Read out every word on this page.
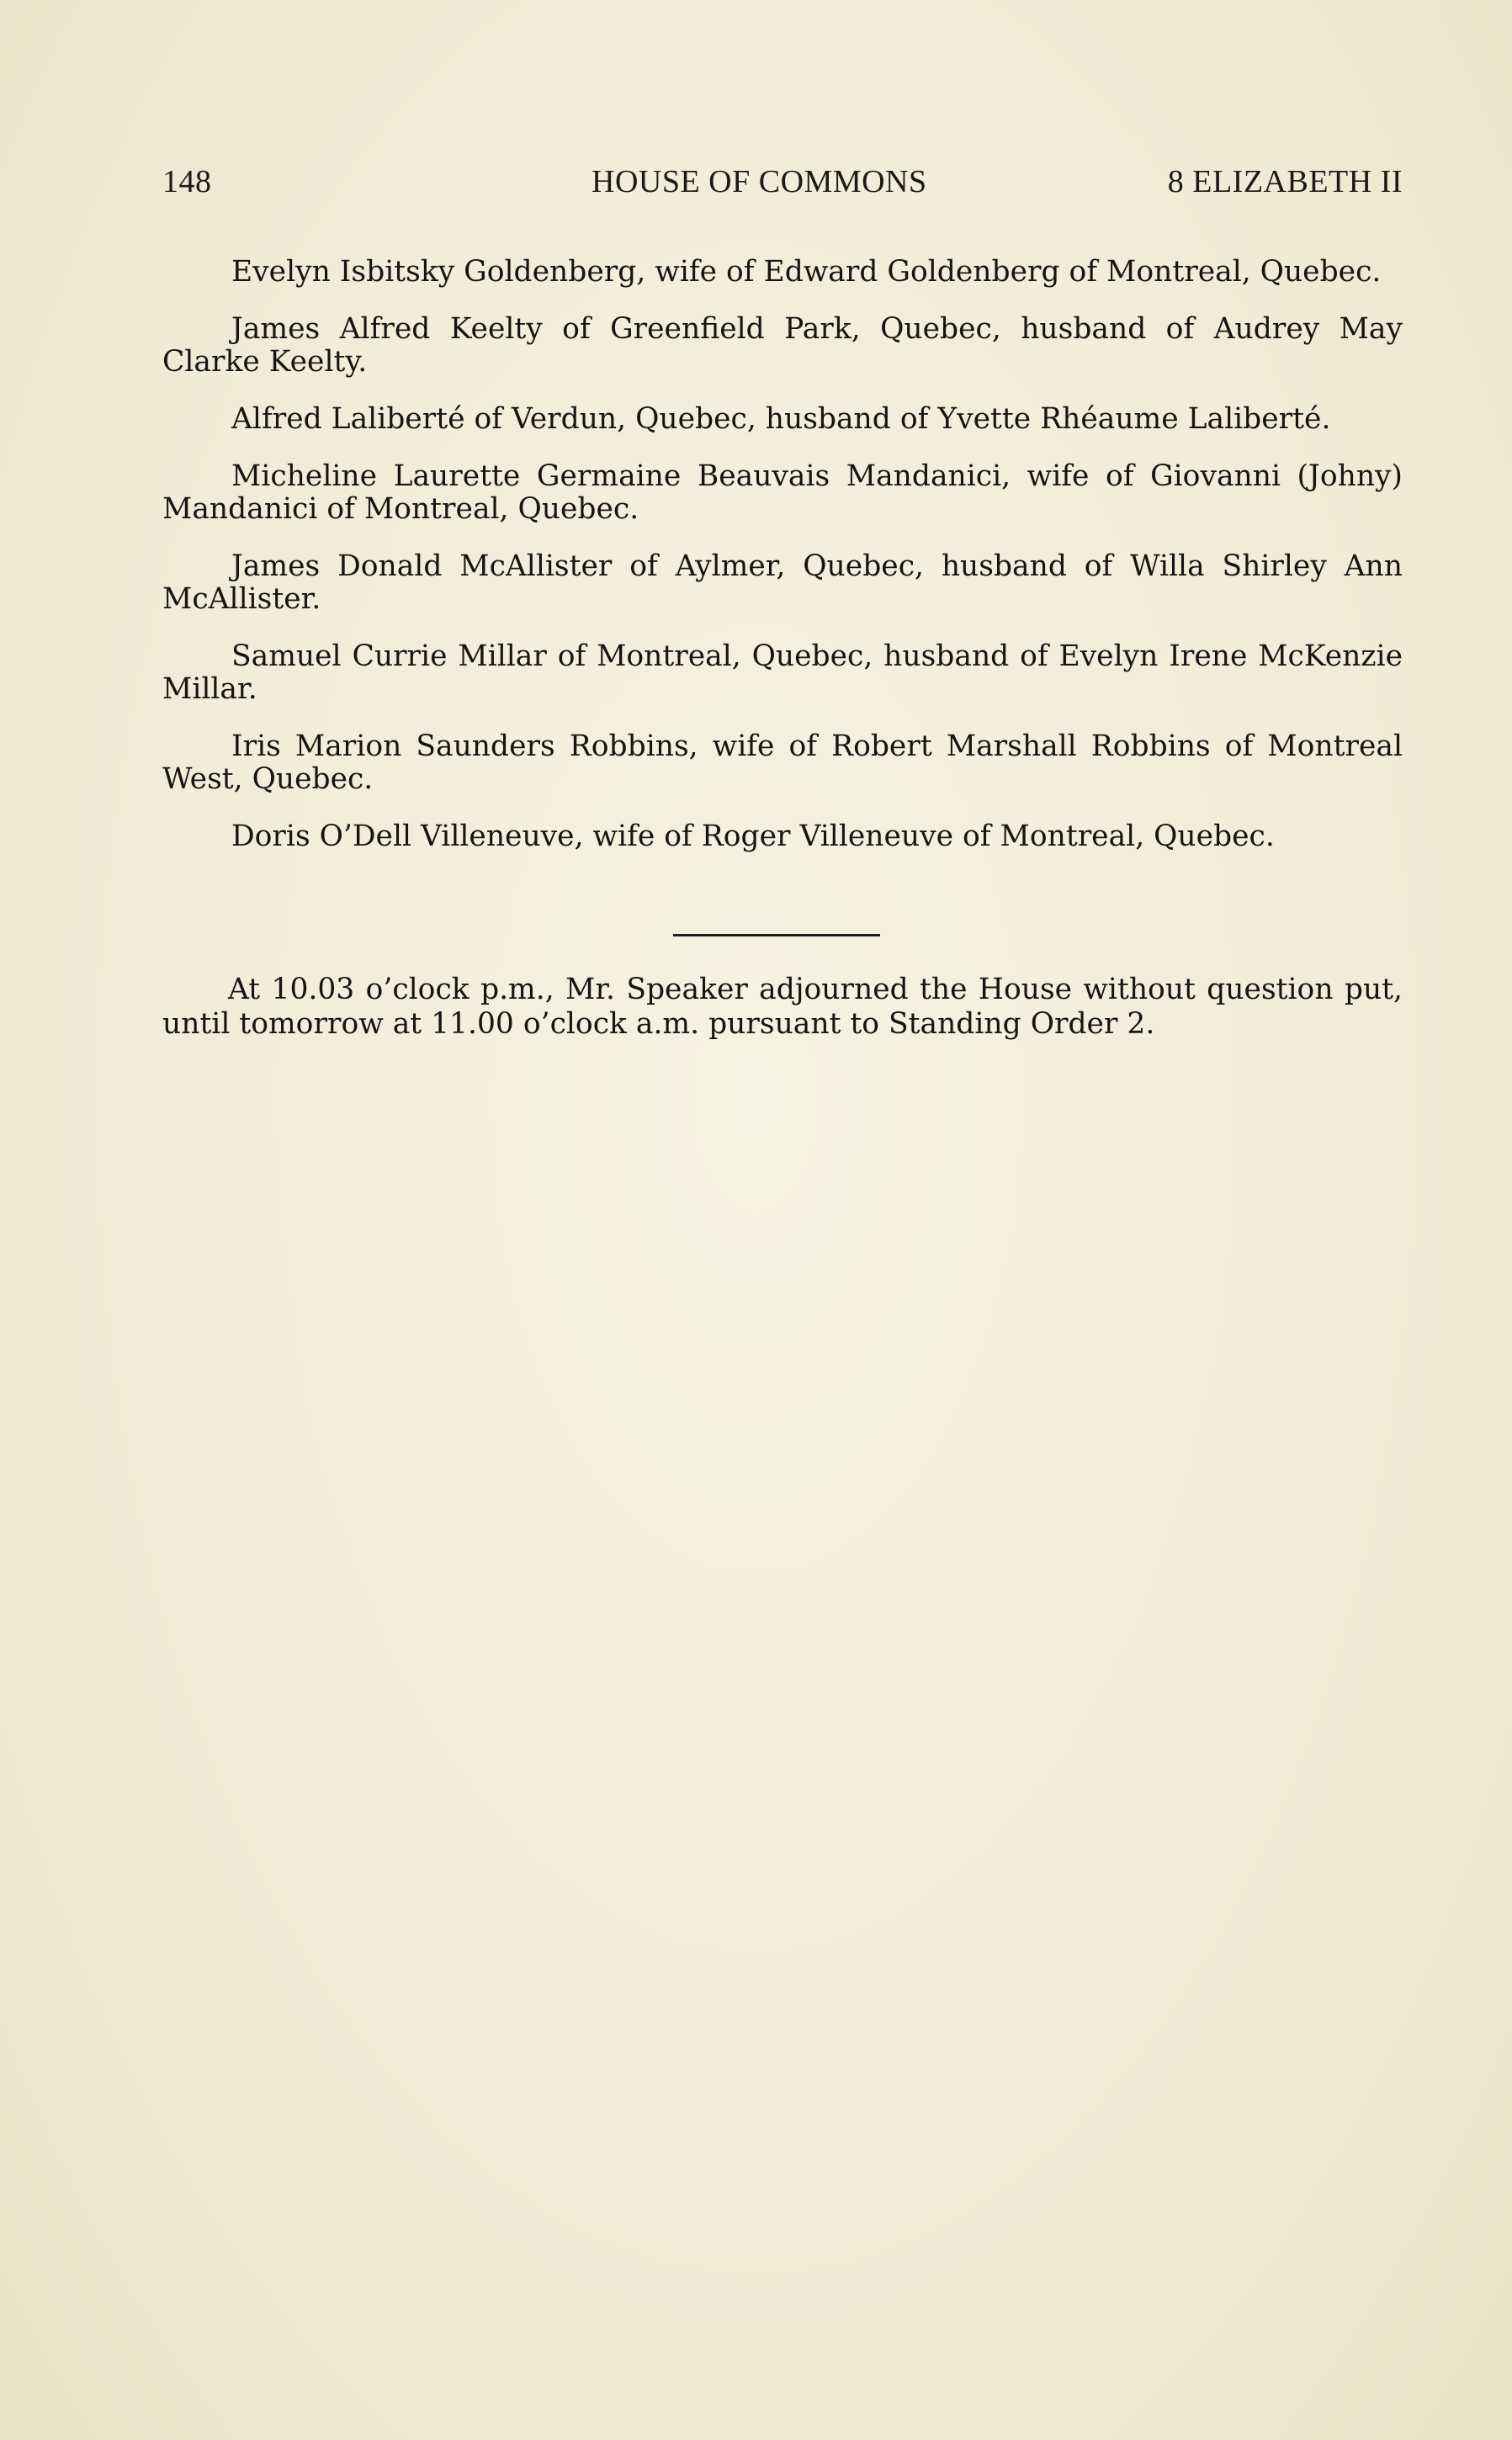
148	HOUSE OF COMMONS	8 ELIZABETH II

Evelyn Isbitsky Goldenberg, wife of Edward Goldenberg of Montreal, Quebec.

James Alfred Keelty of Greenfield Park, Quebec, husband of Audrey May Clarke Keelty.

Alfred Laliberté of Verdun, Quebec, husband of Yvette Rhéaume Laliberté.

Micheline Laurette Germaine Beauvais Mandanici, wife of Giovanni (Johny) Mandanici of Montreal, Quebec.

James Donald McAllister of Aylmer, Quebec, husband of Willa Shirley Ann McAllister.

Samuel Currie Millar of Montreal, Quebec, husband of Evelyn Irene McKenzie Millar.

Iris Marion Saunders Robbins, wife of Robert Marshall Robbins of Montreal West, Quebec.

Doris O’Dell Villeneuve, wife of Roger Villeneuve of Montreal, Quebec.

At 10.03 o’clock p.m., Mr. Speaker adjourned the House without question put, until tomorrow at 11.00 o’clock a.m. pursuant to Standing Order 2.
